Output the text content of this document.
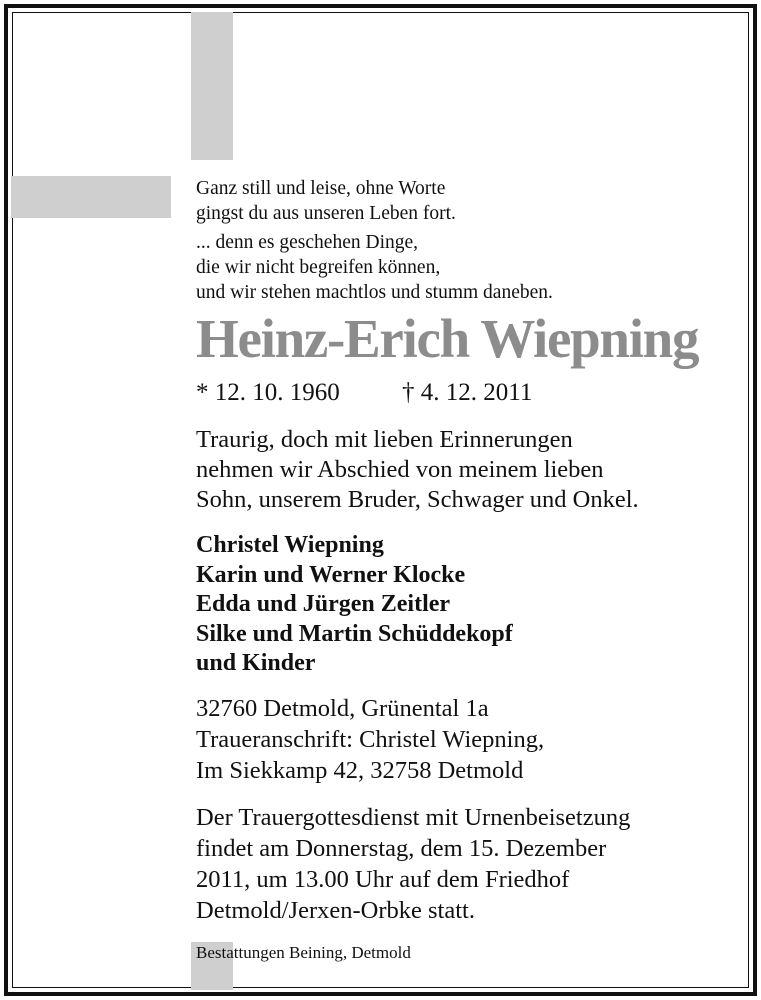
Ganz still und leise, ohne Worte
gingst du aus unseren Leben fort.
... denn es geschehen Dinge,
die wir nicht begreifen können,
und wir stehen machtlos und stumm daneben.
Heinz-Erich Wiepning
* 12. 10. 1960 † 4. 12. 2011
Traurig, doch mit lieben Erinnerungen
nehmen wir Abschied von meinem lieben
Sohn, unserem Bruder, Schwager und Onkel.
Christel Wiepning
Karin und Werner Klocke
Edda und Jürgen Zeitler
Silke und Martin Schüddekopf
und Kinder
32760 Detmold, Grünental 1a
Traueranschrift: Christel Wiepning,
Im Siekkamp 42, 32758 Detmold
Der Trauergottesdienst mit Urnenbeisetzung
findet am Donnerstag, dem 15. Dezember
2011, um 13.00 Uhr auf dem Friedhof
Detmold/Jerxen-Orbke statt.
Bestattungen Beining, Detmold
